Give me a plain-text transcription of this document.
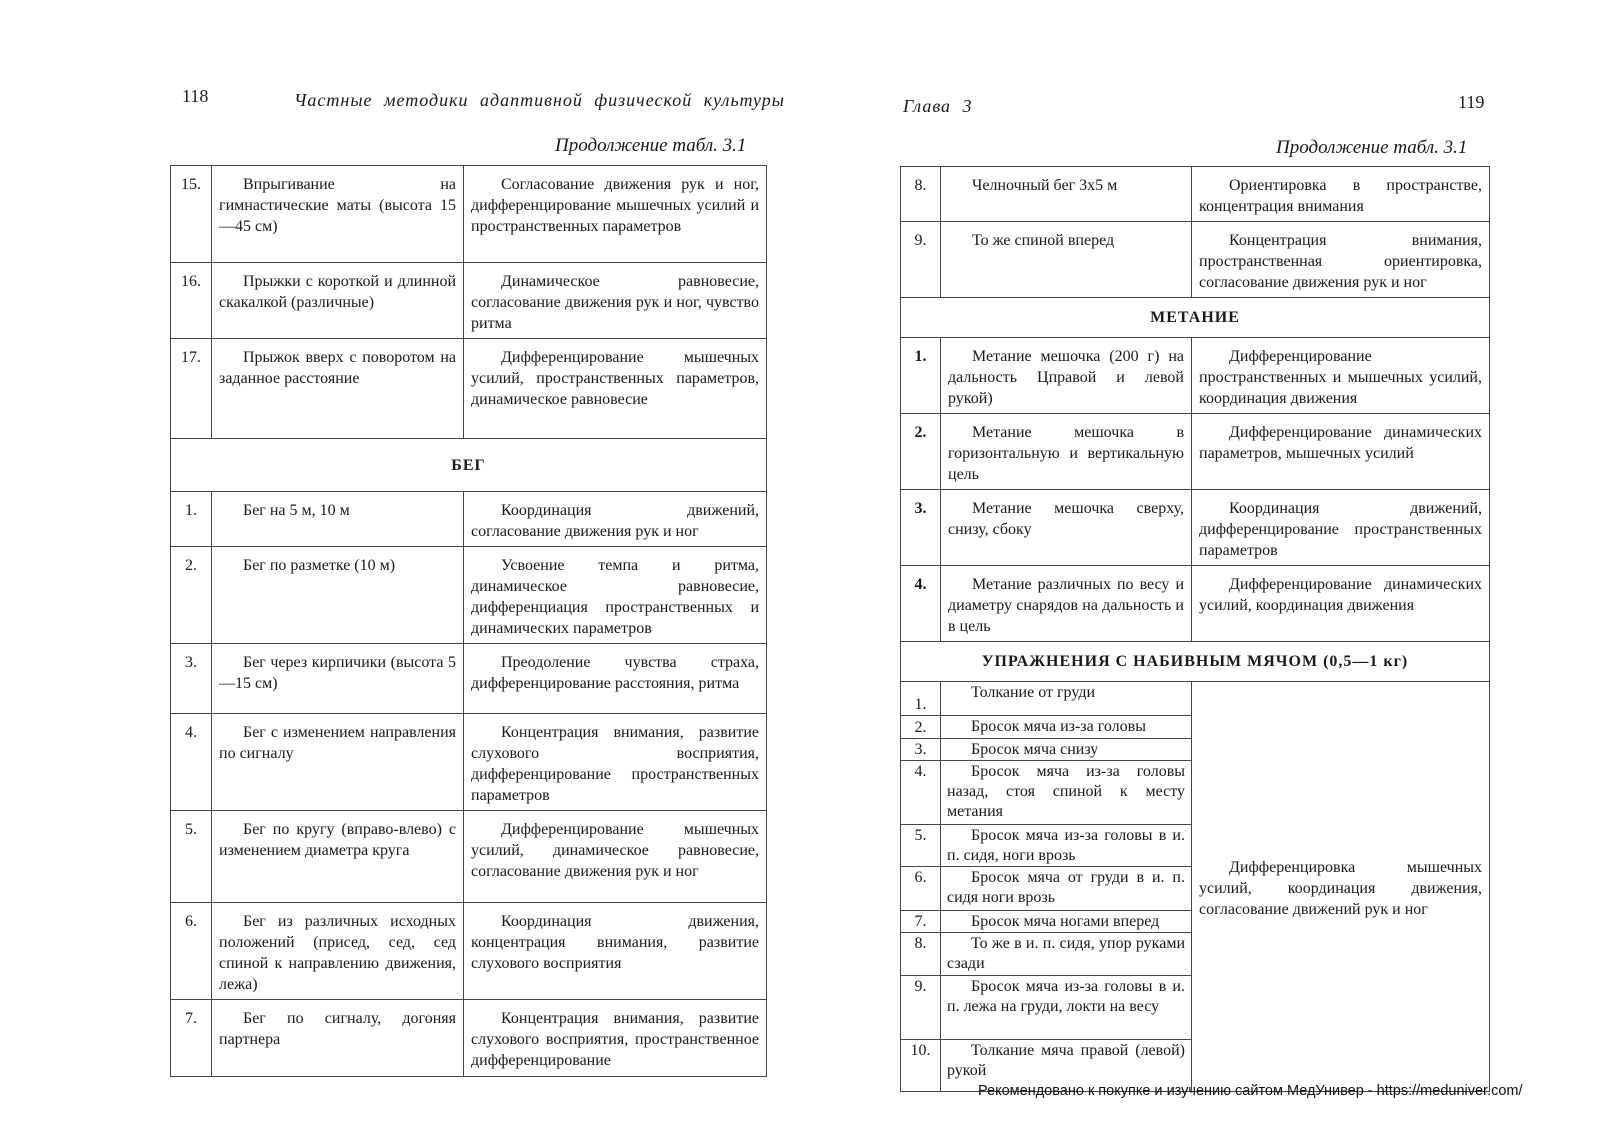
118	Частные методики адаптивной физической культуры
Продолжение табл. 3.1
15.	Впрыгивание на гимнастические маты (высота 15—45 см)	Согласование движения рук и ног, дифференцирование мышечных усилий и пространственных параметров
16.	Прыжки с короткой и длинной скакалкой (различные)	Динамическое равновесие, согласование движения рук и ног, чувство ритма
17.	Прыжок вверх с поворотом на заданное расстояние	Дифференцирование мышечных усилий, пространственных параметров, динамическое равновесие
БЕГ		
1.	Бег на 5 м, 10 м	Координация движений, согласование движения рук и ног
2.	Бег по разметке (10 м)	Усвоение темпа и ритма, динамическое равновесие, дифференциация пространственных и динамических параметров
3.	Бег через кирпичики (высота 5—15 см)	Преодоление чувства страха, дифференцирование расстояния, ритма
4.	Бег с изменением направления по сигналу	Концентрация внимания, развитие слухового восприятия, дифференцирование пространственных параметров
5.	Бег по кругу (вправо-влево) с изменением диаметра круга	Дифференцирование мышечных усилий, динамическое равновесие, согласование движения рук и ног
6.	Бег из различных исходных положений (присед, сед, сед спиной к направлению движения, лежа)	Координация движения, концентрация внимания, развитие слухового восприятия
7.	Бег по сигналу, догоняя партнера	Концентрация внимания, развитие слухового восприятия, пространственное дифференцирование
Глава 3	119
Продолжение табл. 3.1
8.	Челночный бег 3х5 м	Ориентировка в пространстве, концентрация внимания
9.	То же спиной вперед	Концентрация внимания, пространственная ориентировка, согласование движения рук и ног
МЕТАНИЕ		
1.	Метание мешочка (200 г) на дальность Цправой и левой рукой)	Дифференцирование пространственных и мышечных усилий, координация движения
2.	Метание мешочка в горизонтальную и вертикальную цель	Дифференцирование динамических параметров, мышечных усилий
3.	Метание мешочка сверху, снизу, сбоку	Координация движений, дифференцирование пространственных параметров
4.	Метание различных по весу и диаметру снарядов на дальность и в цель	Дифференцирование динамических усилий, координация движения
УПРАЖНЕНИЯ С НАБИВНЫМ МЯЧОМ (0,5—1 кг)		
1.	Толкание от груди	Дифференцировка мышечных усилий, координация движения, согласование движений рук и ног
2.	Бросок мяча из-за головы	
3.	Бросок мяча снизу	
4.	Бросок мяча из-за головы назад, стоя спиной к месту метания	
5.	Бросок мяча из-за головы в и. п. сидя, ноги врозь	
6.	Бросок мяча от груди в и. п. сидя ноги врозь	
7.	Бросок мяча ногами вперед	
8.	То же в и. п. сидя, упор руками сзади	
9.	Бросок мяча из-за головы в и. п. лежа на груди, локти на весу	
10.	Толкание мяча правой (левой) рукой	
Рекомендовано к покупке и изучению сайтом МедУнивер - https://meduniver.com/
